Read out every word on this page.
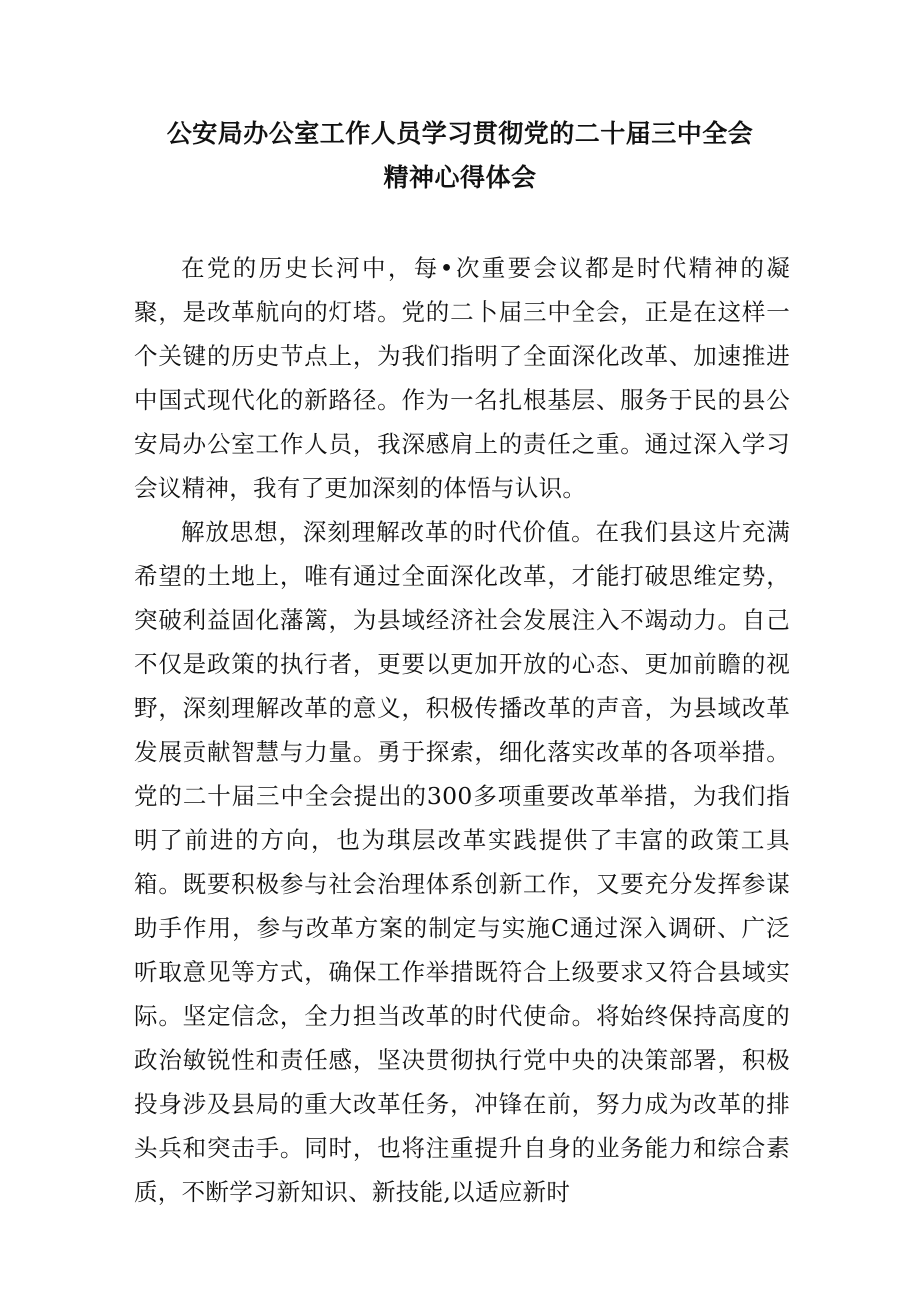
公安局办公室工作人员学习贯彻党的二十届三中全会

精神心得体会

在党的历史长河中，每•次重要会议都是时代精神的凝聚，是改革航向的灯塔。党的二卜届三中全会，正是在这样一个关键的历史节点上，为我们指明了全面深化改革、加速推进中国式现代化的新路径。作为一名扎根基层、服务于民的县公安局办公室工作人员，我深感肩上的责任之重。通过深入学习会议精神，我有了更加深刻的体悟与认识。

解放思想，深刻理解改革的时代价值。在我们县这片充满希望的土地上，唯有通过全面深化改革，才能打破思维定势，突破利益固化藩篱，为县域经济社会发展注入不竭动力。自己不仅是政策的执行者，更要以更加开放的心态、更加前瞻的视野，深刻理解改革的意义，积极传播改革的声音，为县域改革发展贡献智慧与力量。勇于探索，细化落实改革的各项举措。党的二十届三中全会提出的300多项重要改革举措，为我们指明了前进的方向，也为琪层改革实践提供了丰富的政策工具箱。既要积极参与社会治理体系创新工作，又要充分发挥参谋助手作用，参与改革方案的制定与实施C通过深入调研、广泛听取意见等方式，确保工作举措既符合上级要求又符合县域实际。坚定信念，全力担当改革的时代使命。将始终保持高度的政治敏锐性和责任感，坚决贯彻执行党中央的决策部署，积极投身涉及县局的重大改革任务，冲锋在前，努力成为改革的排头兵和突击手。同时，也将注重提升自身的业务能力和综合素质，不断学习新知识、新技能,以适应新时
